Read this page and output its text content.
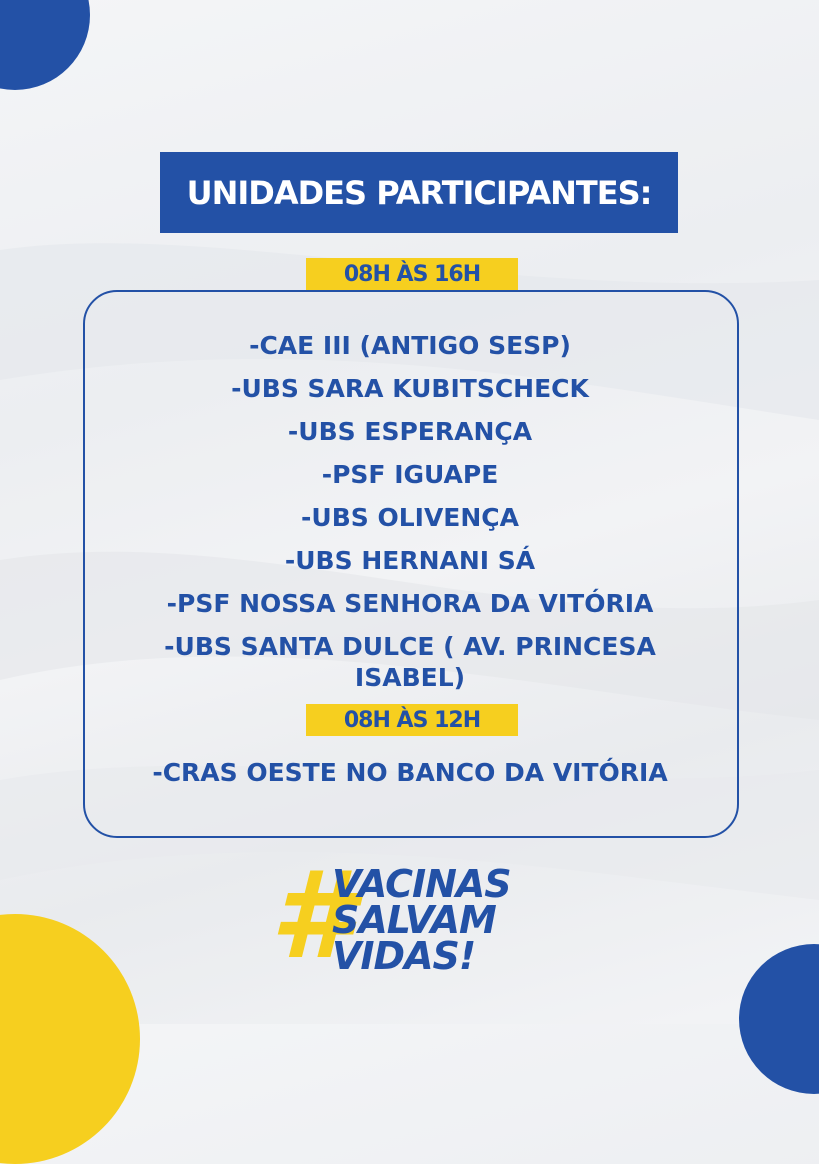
UNIDADES PARTICIPANTES:
08H ÀS 16H
-CAE III (ANTIGO SESP)
-UBS SARA KUBITSCHECK
-UBS ESPERANÇA
-PSF IGUAPE
-UBS OLIVENÇA
-UBS HERNANI SÁ
-PSF NOSSA SENHORA DA VITÓRIA
-UBS SANTA DULCE ( AV. PRINCESA ISABEL)
08H ÀS 12H
-CRAS OESTE NO BANCO DA VITÓRIA
#
VACINAS
SALVAM
VIDAS!
